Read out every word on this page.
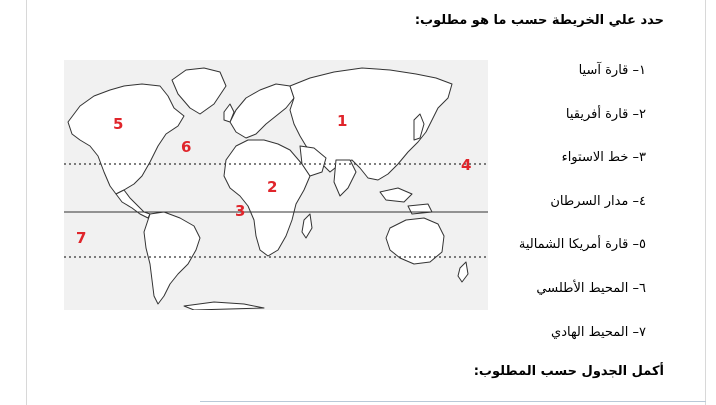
حدد علي الخريطة حسب ما هو مطلوب:
1
2
3
4
5
6
7
١– قارة آسيا
٢– قارة أفريقيا
٣– خط الاستواء
٤– مدار السرطان
٥– قارة أمريكا الشمالية
٦– المحيط الأطلسي
٧– المحيط الهادي
أكمل الجدول حسب المطلوب:
